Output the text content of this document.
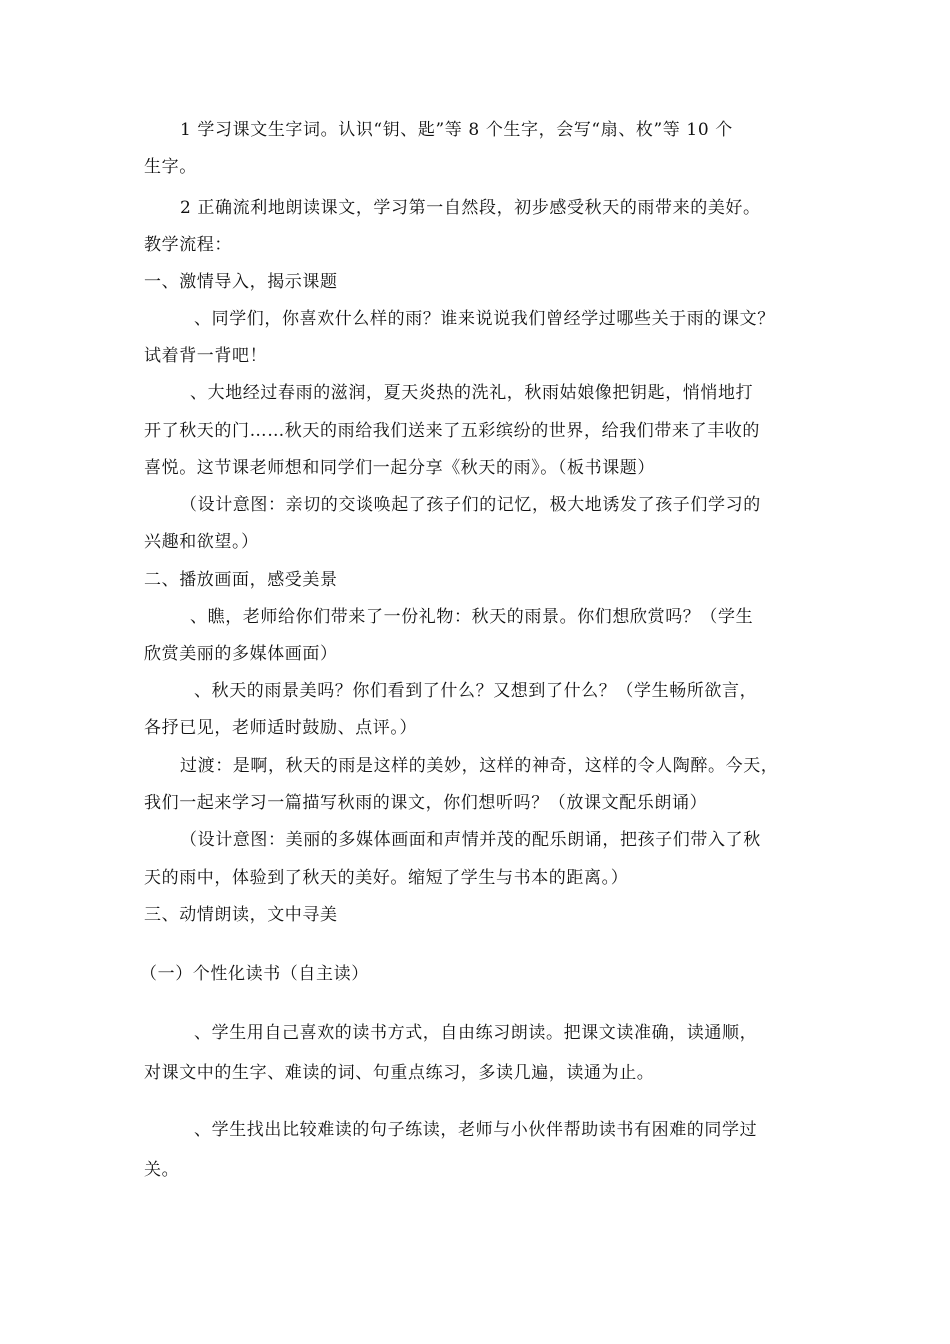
1 学习课文生字词。认识“钥、匙”等 8 个生字，会写“扇、枚”等 10 个
生字。
2 正确流利地朗读课文，学习第一自然段，初步感受秋天的雨带来的美好。
教学流程：
一、激情导入，揭示课题
、同学们，你喜欢什么样的雨？谁来说说我们曾经学过哪些关于雨的课文？
试着背一背吧！
、大地经过春雨的滋润，夏天炎热的洗礼，秋雨姑娘像把钥匙，悄悄地打
开了秋天的门……秋天的雨给我们送来了五彩缤纷的世界，给我们带来了丰收的
喜悦。这节课老师想和同学们一起分享《秋天的雨》。（板书课题）
（设计意图：亲切的交谈唤起了孩子们的记忆，极大地诱发了孩子们学习的
兴趣和欲望。）
二、播放画面，感受美景
、瞧，老师给你们带来了一份礼物：秋天的雨景。你们想欣赏吗？（学生
欣赏美丽的多媒体画面）
、秋天的雨景美吗？你们看到了什么？又想到了什么？（学生畅所欲言，
各抒已见，老师适时鼓励、点评。）
过渡：是啊，秋天的雨是这样的美妙，这样的神奇，这样的令人陶醉。今天，
我们一起来学习一篇描写秋雨的课文，你们想听吗？（放课文配乐朗诵）
（设计意图：美丽的多媒体画面和声情并茂的配乐朗诵，把孩子们带入了秋
天的雨中，体验到了秋天的美好。缩短了学生与书本的距离。）
三、动情朗读，文中寻美
（一）个性化读书（自主读）
、学生用自己喜欢的读书方式，自由练习朗读。把课文读准确，读通顺，
对课文中的生字、难读的词、句重点练习，多读几遍，读通为止。
、学生找出比较难读的句子练读，老师与小伙伴帮助读书有困难的同学过
关。
